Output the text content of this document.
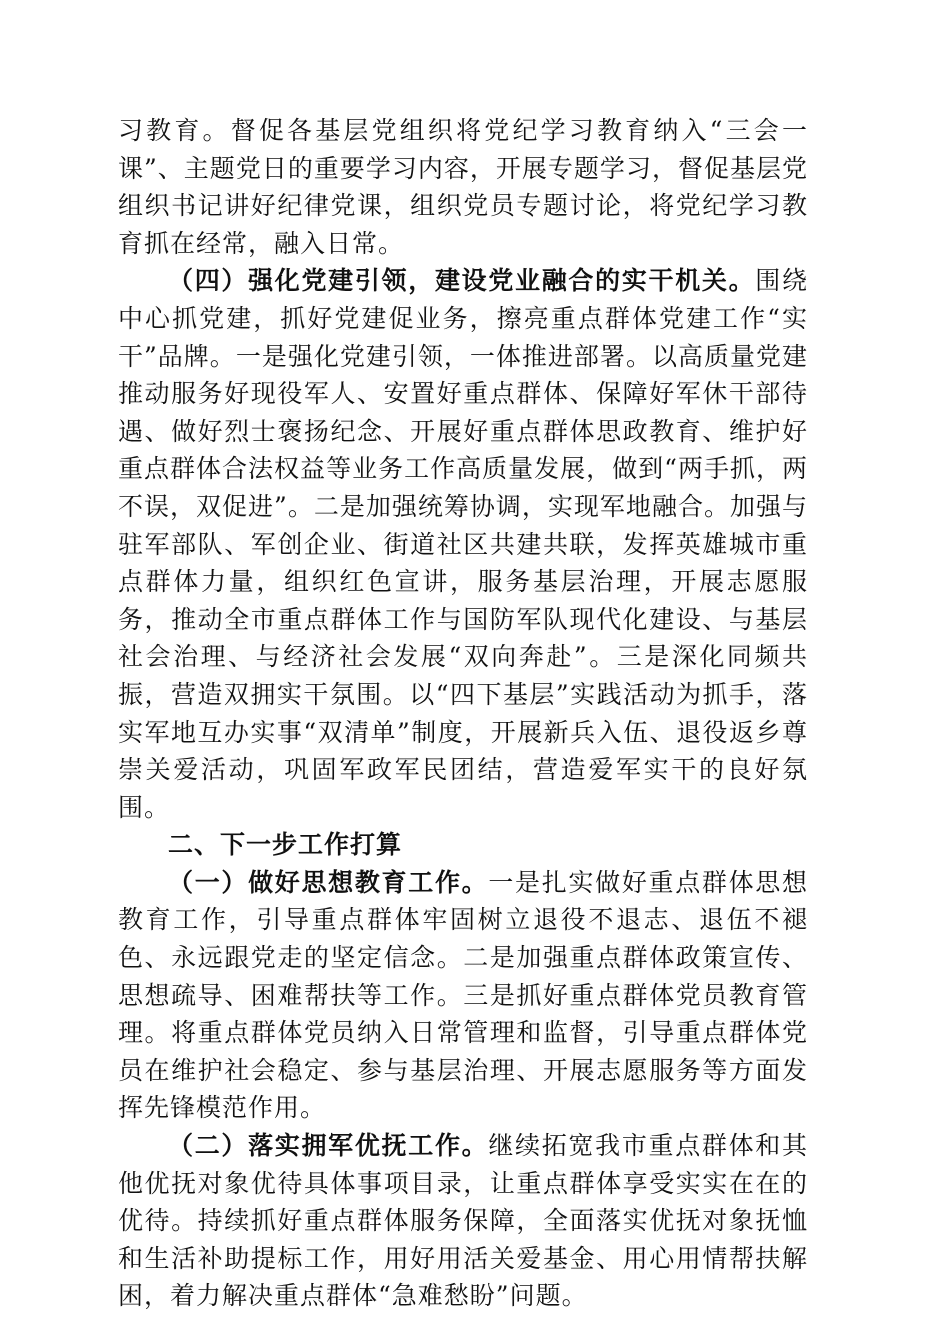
习教育。督促各基层党组织将党纪学习教育纳入“三会一课”、主题党日的重要学习内容，开展专题学习，督促基层党组织书记讲好纪律党课，组织党员专题讨论，将党纪学习教育抓在经常，融入日常。

（四）强化党建引领，建设党业融合的实干机关。围绕中心抓党建，抓好党建促业务，擦亮重点群体党建工作“实干”品牌。一是强化党建引领，一体推进部署。以高质量党建推动服务好现役军人、安置好重点群体、保障好军休干部待遇、做好烈士褒扬纪念、开展好重点群体思政教育、维护好重点群体合法权益等业务工作高质量发展，做到“两手抓，两不误，双促进”。二是加强统筹协调，实现军地融合。加强与驻军部队、军创企业、街道社区共建共联，发挥英雄城市重点群体力量，组织红色宣讲，服务基层治理，开展志愿服务，推动全市重点群体工作与国防军队现代化建设、与基层社会治理、与经济社会发展“双向奔赴”。三是深化同频共振，营造双拥实干氛围。以“四下基层”实践活动为抓手，落实军地互办实事“双清单”制度，开展新兵入伍、退役返乡尊崇关爱活动，巩固军政军民团结，营造爱军实干的良好氛围。

二、下一步工作打算

（一）做好思想教育工作。一是扎实做好重点群体思想教育工作，引导重点群体牢固树立退役不退志、退伍不褪色、永远跟党走的坚定信念。二是加强重点群体政策宣传、思想疏导、困难帮扶等工作。三是抓好重点群体党员教育管理。将重点群体党员纳入日常管理和监督，引导重点群体党员在维护社会稳定、参与基层治理、开展志愿服务等方面发挥先锋模范作用。

（二）落实拥军优抚工作。继续拓宽我市重点群体和其他优抚对象优待具体事项目录，让重点群体享受实实在在的优待。持续抓好重点群体服务保障，全面落实优抚对象抚恤和生活补助提标工作，用好用活关爱基金、用心用情帮扶解困，着力解决重点群体“急难愁盼”问题。
